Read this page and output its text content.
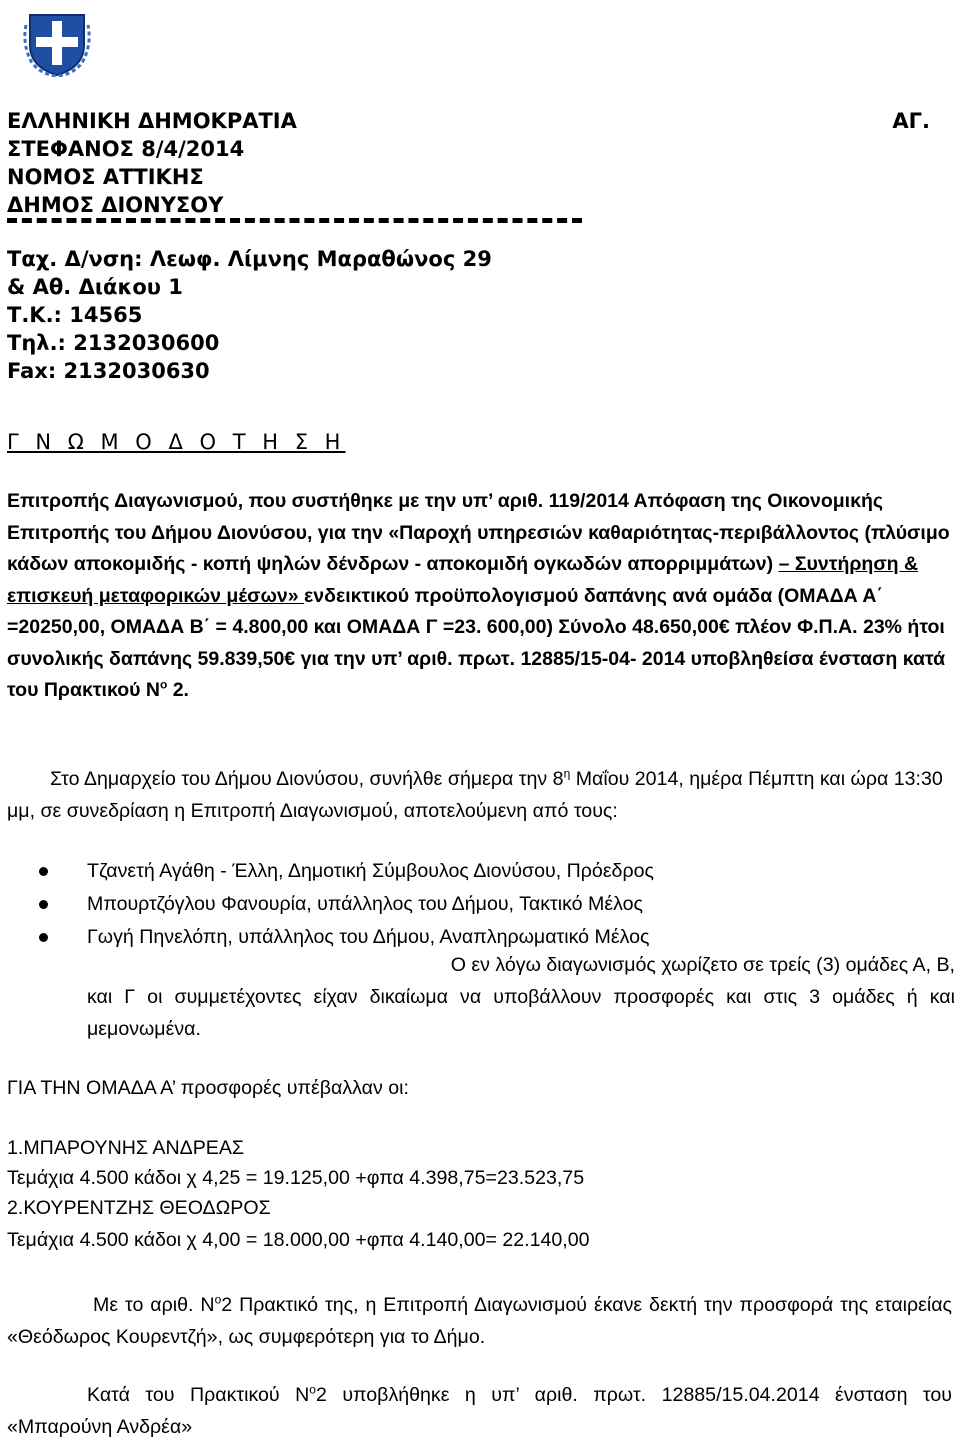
ΕΛΛΗΝΙΚΗ ΔΗΜΟΚΡΑΤΙΑ	ΑΓ.
ΣΤΕΦΑΝΟΣ 8/4/2014
ΝΟΜΟΣ ΑΤΤΙΚΗΣ
ΔΗΜΟΣ ΔΙΟΝΥΣΟΥ
Ταχ. Δ/νση: Λεωφ. Λίμνης Μαραθώνος 29
& Αθ. Διάκου 1
Τ.Κ.: 14565
Τηλ.: 2132030600
Fax: 2132030630
Γ Ν Ω Μ Ο Δ Ο Τ Η Σ Η
Επιτροπής Διαγωνισμού, που συστήθηκε με την υπ’ αριθ. 119/2014 Απόφαση της Οικονομικής Επιτροπής του Δήμου Διονύσου, για την «Παροχή υπηρεσιών καθαριότητας-περιβάλλοντος (πλύσιμο κάδων αποκομιδής - κοπή ψηλών δένδρων - αποκομιδή ογκωδών απορριμμάτων) – Συντήρηση & επισκευή μεταφορικών μέσων» ενδεικτικού προϋπολογισμού δαπάνης ανά ομάδα (ΟΜΑΔΑ Α΄ =20250,00, ΟΜΑΔΑ Β΄ = 4.800,00 και ΟΜΑΔΑ Γ =23. 600,00) Σύνολο 48.650,00€ πλέον Φ.Π.Α. 23% ήτοι συνολικής δαπάνης 59.839,50€ για την υπ’ αριθ. πρωτ. 12885/15-04- 2014 υποβληθείσα ένσταση κατά του Πρακτικού $N^o$ 2.
Στο Δημαρχείο του Δήμου Διονύσου, συνήλθε σήμερα την $8^\eta$ Μαΐου 2014, ημέρα Πέμπτη και ώρα 13:30 μμ, σε συνεδρίαση η Επιτροπή Διαγωνισμού, αποτελούμενη από τους:
Τζανετή Αγάθη - Έλλη, Δημοτική Σύμβουλος Διονύσου, Πρόεδρος
Μπουρτζόγλου Φανουρία, υπάλληλος του Δήμου, Τακτικό Μέλος
Γωγή Πηνελόπη, υπάλληλος του Δήμου, Αναπληρωματικό Μέλος
Ο εν λόγω διαγωνισμός χωρίζετο σε τρείς (3) ομάδες Α, Β,
και Γ οι συμμετέχοντες είχαν δικαίωμα να υποβάλλουν προσφορές και στις 3 ομάδες ή και μεμονωμένα.
ΓΙΑ ΤΗΝ ΟΜΑΔΑ Α’ προσφορές υπέβαλλαν οι:
1.ΜΠΑΡΟΥΝΗΣ ΑΝΔΡΕΑΣ
Τεμάχια 4.500 κάδοι χ 4,25 = 19.125,00 +φπα 4.398,75=23.523,75
2.ΚΟΥΡΕΝΤΖΗΣ ΘΕΟΔΩΡΟΣ
Τεμάχια 4.500 κάδοι χ 4,00 = 18.000,00 +φπα 4.140,00= 22.140,00
Με το αριθ. $N^o2$ Πρακτικό της, η Επιτροπή Διαγωνισμού έκανε δεκτή την προσφορά της εταιρείας «Θεόδωρος Κουρεντζή», ως συμφερότερη για το Δήμο.
Κατά του Πρακτικού $N^o2$ υποβλήθηκε η υπ’ αριθ. πρωτ. 12885/15.04.2014 ένσταση του «Μπαρούνη Ανδρέα»
